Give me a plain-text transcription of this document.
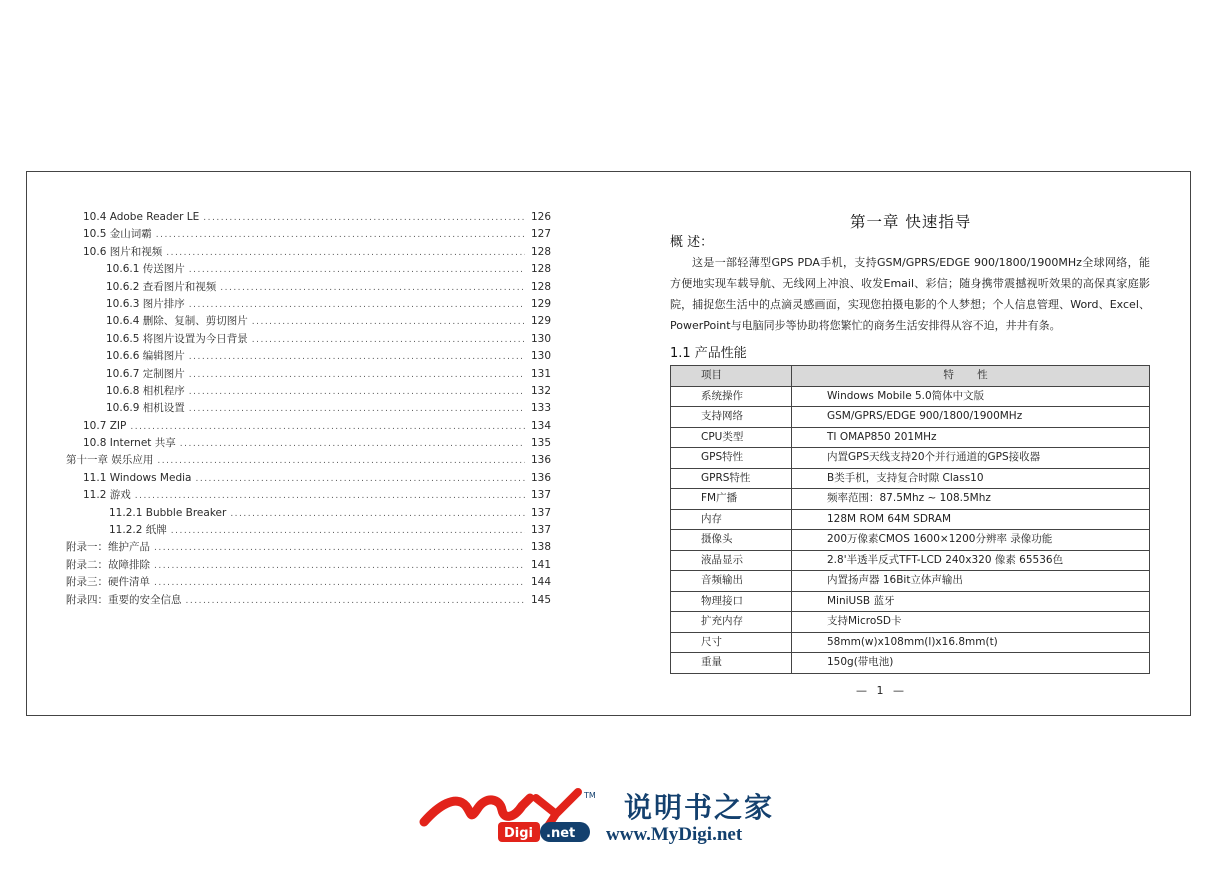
10.4 Adobe Reader LE .....	126
10.5 金山词霸 .....	127
10.6 图片和视频 .....	128
10.6.1 传送图片 .....	128
10.6.2 查看图片和视频 .....	128
10.6.3 图片排序 .....	129
10.6.4 删除、复制、剪切图片 .....	129
10.6.5 将图片设置为今日背景 .....	130
10.6.6 编辑图片 .....	130
10.6.7 定制图片 .....	131
10.6.8 相机程序 .....	132
10.6.9 相机设置 .....	133
10.7 ZIP .....	134
10.8 Internet 共享 .....	135
第十一章 娱乐应用 .....	136
11.1 Windows Media .....	136
11.2 游戏 .....	137
11.2.1 Bubble Breaker .....	137
11.2.2 纸牌 .....	137
附录一：维护产品 .....	138
附录二：故障排除 .....	141
附录三：硬件清单 .....	144
附录四：重要的安全信息 .....	145
第一章 快速指导
概 述：
这是一部轻薄型GPS PDA手机，支持GSM/GPRS/EDGE 900/1800/1900MHz全球网络，能方便地实现车载导航、无线网上冲浪、收发Email、彩信；随身携带震撼视听效果的高保真家庭影院，捕捉您生活中的点滴灵感画面，实现您拍摄电影的个人梦想；个人信息管理、Word、Excel、PowerPoint与电脑同步等协助将您繁忙的商务生活安排得从容不迫，井井有条。
1.1 产品性能
项目	特 性
系统操作	Windows Mobile 5.0简体中文版
支持网络	GSM/GPRS/EDGE 900/1800/1900MHz
CPU类型	TI OMAP850 201MHz
GPS特性	内置GPS天线支持20个并行通道的GPS接收器
GPRS特性	B类手机，支持复合时隙 Class10
FM广播	频率范围：87.5Mhz ~ 108.5Mhz
内存	128M ROM 64M SDRAM
摄像头	200万像素CMOS 1600×1200分辨率 录像功能
液晶显示	2.8'半透半反式TFT-LCD 240x320 像素 65536色
音频输出	内置扬声器 16Bit立体声输出
物理接口	MiniUSB 蓝牙
扩充内存	支持MicroSD卡
尺寸	58mm(w)x108mm(l)x16.8mm(t)
重量	150g(带电池)
— 1 —
TM
Digi .net
说明书之家
www.MyDigi.net
